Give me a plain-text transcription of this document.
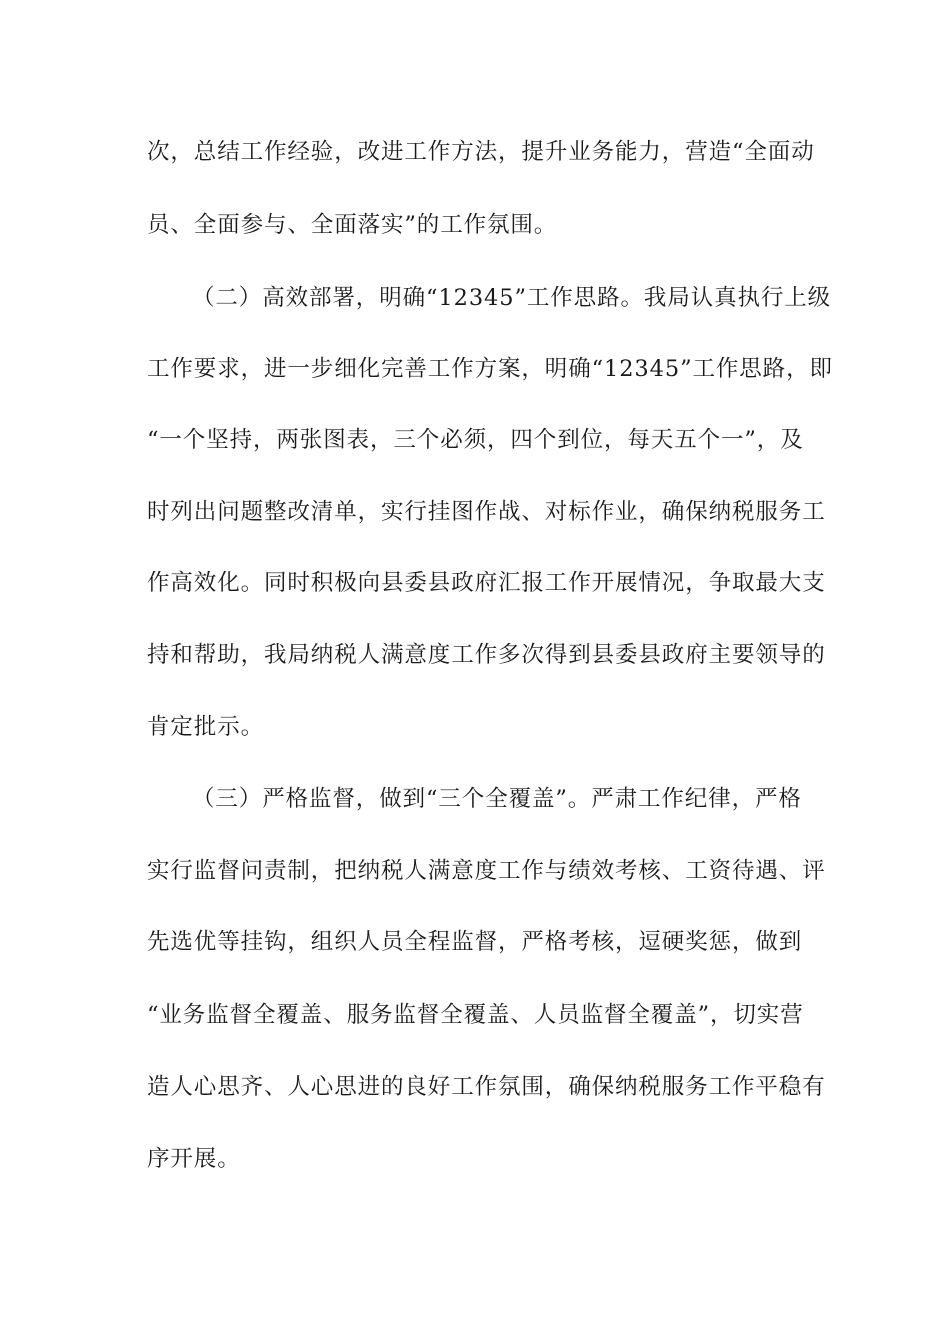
次，总结工作经验，改进工作方法，提升业务能力，营造“全面动
员、全面参与、全面落实”的工作氛围。
（二）高效部署，明确“12345”工作思路。我局认真执行上级
工作要求，进一步细化完善工作方案，明确“12345”工作思路，即
“一个坚持，两张图表，三个必须，四个到位，每天五个一”，及
时列出问题整改清单，实行挂图作战、对标作业，确保纳税服务工
作高效化。同时积极向县委县政府汇报工作开展情况，争取最大支
持和帮助，我局纳税人满意度工作多次得到县委县政府主要领导的
肯定批示。
（三）严格监督，做到“三个全覆盖”。严肃工作纪律，严格
实行监督问责制，把纳税人满意度工作与绩效考核、工资待遇、评
先选优等挂钩，组织人员全程监督，严格考核，逗硬奖惩，做到
“业务监督全覆盖、服务监督全覆盖、人员监督全覆盖”，切实营
造人心思齐、人心思进的良好工作氛围，确保纳税服务工作平稳有
序开展。
